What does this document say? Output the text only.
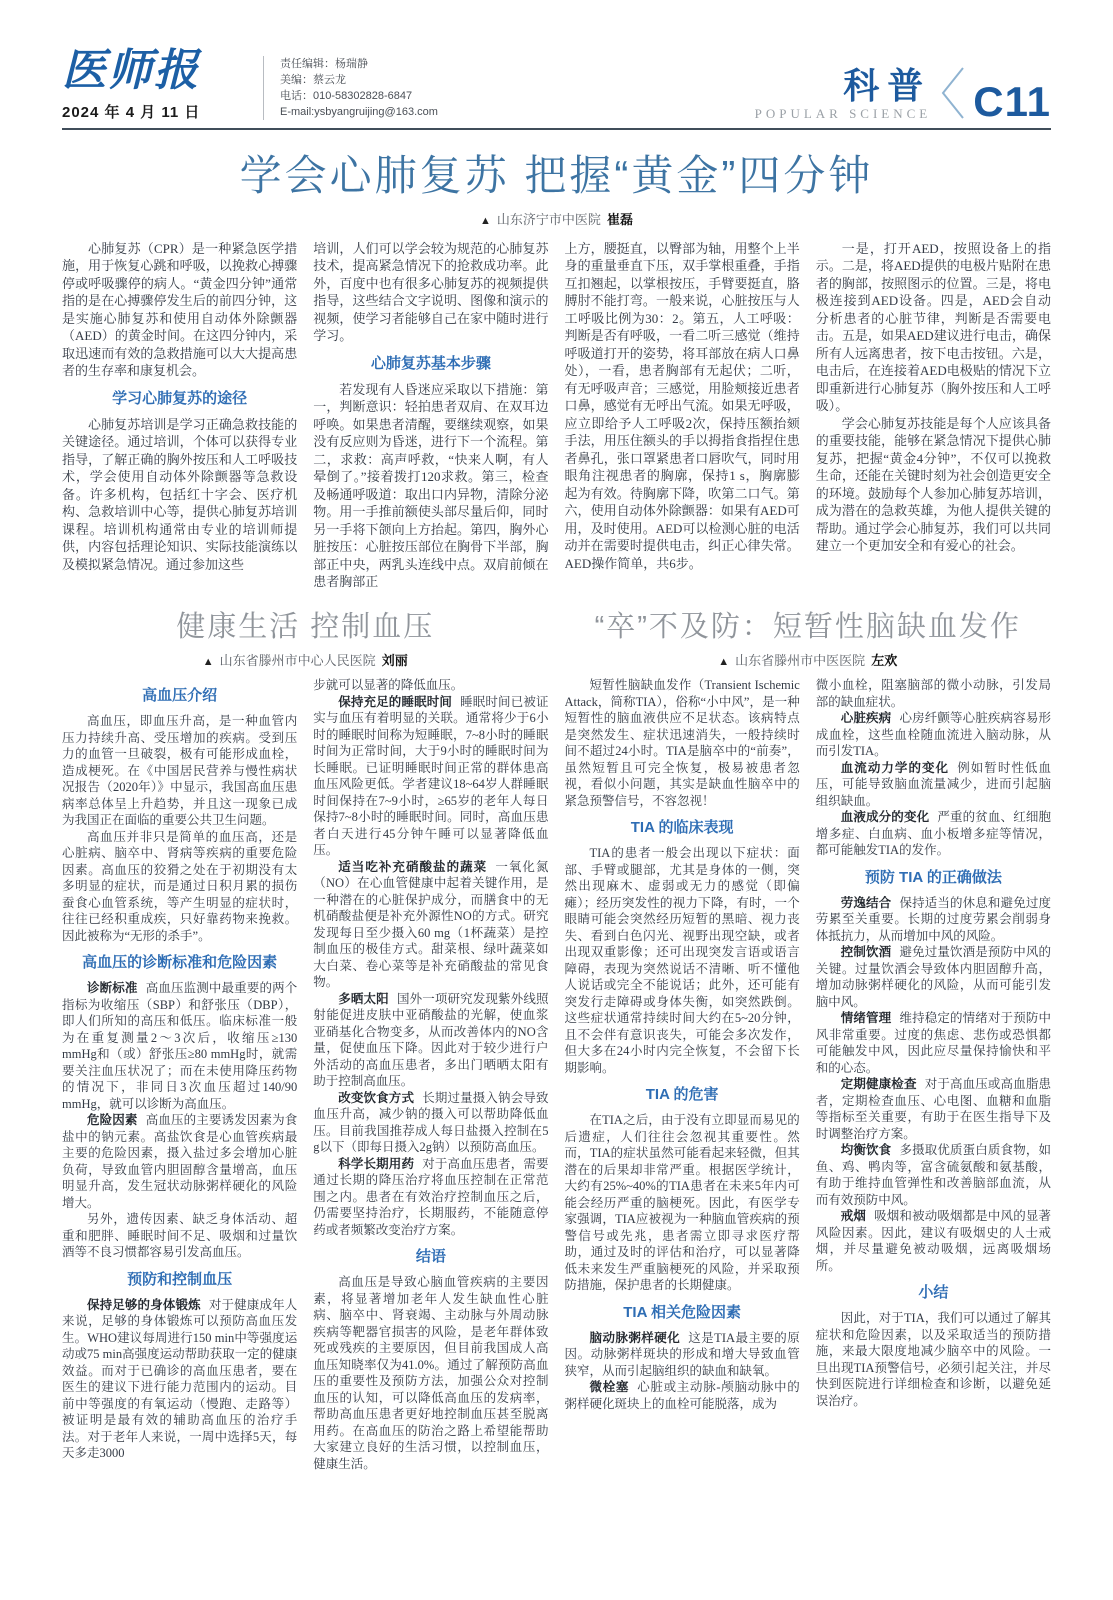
医师报
2024 年 4 月 11 日
责任编辑：杨瑞静
美编：蔡云龙
电话：010-58302828-6847
E-mail:ysbyangruijing@163.com
科普
POPULAR SCIENCE C11
学会心肺复苏 把握“黄金”四分钟
▲ 山东济宁市中医院 崔磊

心肺复苏（CPR）是一种紧急医学措施，用于恢复心跳和呼吸，以挽救心搏骤停或呼吸骤停的病人。“黄金四分钟”通常指的是在心搏骤停发生后的前四分钟，这是实施心肺复苏和使用自动体外除颤器（AED）的黄金时间。在这四分钟内，采取迅速而有效的急救措施可以大大提高患者的生存率和康复机会。

学习心肺复苏的途径

心肺复苏培训是学习正确急救技能的关键途径。通过培训，个体可以获得专业指导，了解正确的胸外按压和人工呼吸技术，学会使用自动体外除颤器等急救设备。许多机构，包括红十字会、医疗机构、急救培训中心等，提供心肺复苏培训课程。培训机构通常由专业的培训师提供，内容包括理论知识、实际技能演练以及模拟紧急情况。通过参加这些

培训，人们可以学会较为规范的心肺复苏技术，提高紧急情况下的抢救成功率。此外，百度中也有很多心肺复苏的视频提供指导，这些结合文字说明、图像和演示的视频，使学习者能够自己在家中随时进行学习。

心肺复苏基本步骤

若发现有人昏迷应采取以下措施：第一，判断意识：轻拍患者双肩、在双耳边呼唤。如果患者清醒，要继续观察，如果没有反应则为昏迷，进行下一个流程。第二，求救：高声呼救，“快来人啊，有人晕倒了。”接着拨打120求救。第三，检查及畅通呼吸道：取出口内异物，清除分泌物。用一手推前额使头部尽量后仰，同时另一手将下颌向上方抬起。第四，胸外心脏按压：心脏按压部位在胸骨下半部，胸部正中央，两乳头连线中点。双肩前倾在患者胸部正

上方，腰挺直，以臀部为轴，用整个上半身的重量垂直下压，双手掌根重叠，手指互扣翘起，以掌根按压，手臂要挺直，胳膊肘不能打弯。一般来说，心脏按压与人工呼吸比例为30：2。第五，人工呼吸：判断是否有呼吸，一看二听三感觉（维持呼吸道打开的姿势，将耳部放在病人口鼻处），一看，患者胸部有无起伏；二听，有无呼吸声音；三感觉，用脸颊接近患者口鼻，感觉有无呼出气流。如果无呼吸，应立即给予人工呼吸2次，保持压额抬颏手法，用压住额头的手以拇指食指捏住患者鼻孔，张口罩紧患者口唇吹气，同时用眼角注视患者的胸廓，保持1 s，胸廓膨起为有效。待胸廓下降，吹第二口气。第六，使用自动体外除颤器：如果有AED可用，及时使用。AED可以检测心脏的电活动并在需要时提供电击，纠正心律失常。AED操作简单，共6步。

一是，打开AED，按照设备上的指示。二是，将AED提供的电极片贴附在患者的胸部，按照图示的位置。三是，将电极连接到AED设备。四是，AED会自动分析患者的心脏节律，判断是否需要电击。五是，如果AED建议进行电击，确保所有人远离患者，按下电击按钮。六是，电击后，在连接着AED电极贴的情况下立即重新进行心肺复苏（胸外按压和人工呼吸）。

学会心肺复苏技能是每个人应该具备的重要技能，能够在紧急情况下提供心肺复苏，把握“黄金4分钟”，不仅可以挽救生命，还能在关键时刻为社会创造更安全的环境。鼓励每个人参加心肺复苏培训，成为潜在的急救英雄，为他人提供关键的帮助。通过学会心肺复苏，我们可以共同建立一个更加安全和有爱心的社会。

健康生活 控制血压
▲ 山东省滕州市中心人民医院 刘丽
高血压介绍

高血压，即血压升高，是一种血管内压力持续升高、受压增加的疾病。受到压力的血管一旦破裂，极有可能形成血栓，造成梗死。在《中国居民营养与慢性病状况报告（2020年）》中显示，我国高血压患病率总体呈上升趋势，并且这一现象已成为我国正在面临的重要公共卫生问题。

高血压并非只是简单的血压高，还是心脏病、脑卒中、肾病等疾病的重要危险因素。高血压的狡猾之处在于初期没有太多明显的症状，而是通过日积月累的损伤蚕食心血管系统，等产生明显的症状时，往往已经积重成疾，只好靠药物来挽救。因此被称为“无形的杀手”。

高血压的诊断标准和危险因素

诊断标准 高血压监测中最重要的两个指标为收缩压（SBP）和舒张压（DBP），即人们所知的高压和低压。临床标准一般为在重复测量2～3次后，收缩压≥130 mmHg和（或）舒张压≥80 mmHg时，就需要关注血压状况了；而在未使用降压药物的情况下，非同日3次血压超过140/90 mmHg，就可以诊断为高血压。

危险因素 高血压的主要诱发因素为食盐中的钠元素。高盐饮食是心血管疾病最主要的危险因素，摄入盐过多会增加心脏负荷，导致血管内胆固醇含量增高，血压明显升高，发生冠状动脉粥样硬化的风险增大。

另外，遗传因素、缺乏身体活动、超重和肥胖、睡眠时间不足、吸烟和过量饮酒等不良习惯都容易引发高血压。

预防和控制血压

保持足够的身体锻炼 对于健康成年人来说，足够的身体锻炼可以预防高血压发生。WHO建议每周进行150 min中等强度运动或75 min高强度运动帮助获取一定的健康效益。而对于已确诊的高血压患者，要在医生的建议下进行能力范围内的运动。目前中等强度的有氧运动（慢跑、走路等）被证明是最有效的辅助高血压的治疗手法。对于老年人来说，一周中选择5天，每天多走3000

步就可以显著的降低血压。

保持充足的睡眠时间 睡眠时间已被证实与血压有着明显的关联。通常将少于6小时的睡眠时间称为短睡眠，7~8小时的睡眠时间为正常时间，大于9小时的睡眠时间为长睡眠。已证明睡眠时间正常的群体患高血压风险更低。学者建议18~64岁人群睡眠时间保持在7~9小时，≥65岁的老年人每日保持7~8小时的睡眠时间。同时，高血压患者白天进行45分钟午睡可以显著降低血压。

适当吃补充硝酸盐的蔬菜 一氧化氮（NO）在心血管健康中起着关键作用，是一种潜在的心脏保护成分，而膳食中的无机硝酸盐便是补充外源性NO的方式。研究发现每日至少摄入60 mg（1杯蔬菜）是控制血压的极佳方式。甜菜根、绿叶蔬菜如大白菜、卷心菜等是补充硝酸盐的常见食物。

多晒太阳 国外一项研究发现紫外线照射能促进皮肤中亚硝酸盐的光解，使血浆亚硝基化合物变多，从而改善体内的NO含量，促使血压下降。因此对于较少进行户外活动的高血压患者，多出门晒晒太阳有助于控制高血压。

改变饮食方式 长期过量摄入钠会导致血压升高，减少钠的摄入可以帮助降低血压。目前我国推荐成人每日盐摄入控制在5 g以下（即每日摄入2g钠）以预防高血压。

科学长期用药 对于高血压患者，需要通过长期的降压治疗将血压控制在正常范围之内。患者在有效治疗控制血压之后，仍需要坚持治疗，长期服药，不能随意停药或者频繁改变治疗方案。

结语

高血压是导致心脑血管疾病的主要因素，将显著增加老年人发生缺血性心脏病、脑卒中、肾衰竭、主动脉与外周动脉疾病等靶器官损害的风险，是老年群体致死或残疾的主要原因，但目前我国成人高血压知晓率仅为41.0%。通过了解预防高血压的重要性及预防方法，加强公众对控制血压的认知，可以降低高血压的发病率，帮助高血压患者更好地控制血压甚至脱离用药。在高血压的防治之路上希望能帮助大家建立良好的生活习惯，以控制血压，健康生活。

“卒”不及防：短暂性脑缺血发作
▲ 山东省滕州市中医医院 左欢

短暂性脑缺血发作（Transient Ischemic Attack，简称TIA），俗称“小中风”，是一种短暂性的脑血液供应不足状态。该病特点是突然发生、症状迅速消失，一般持续时间不超过24小时。TIA是脑卒中的“前奏”，虽然短暂且可完全恢复，极易被患者忽视，看似小问题，其实是缺血性脑卒中的紧急预警信号，不容忽视！

TIA 的临床表现

TIA的患者一般会出现以下症状：面部、手臂或腿部，尤其是身体的一侧，突然出现麻木、虚弱或无力的感觉（即偏瘫）；经历突发性的视力下降，有时，一个眼睛可能会突然经历短暂的黑暗、视力丧失、看到白色闪光、视野出现空缺，或者出现双重影像；还可出现突发言语或语言障碍，表现为突然说话不清晰、听不懂他人说话或完全不能说话；此外，还可能有突发行走障碍或身体失衡，如突然跌倒。这些症状通常持续时间大约在5~20分钟，且不会伴有意识丧失，可能会多次发作，但大多在24小时内完全恢复，不会留下长期影响。

TIA 的危害

在TIA之后，由于没有立即显而易见的后遗症，人们往往会忽视其重要性。然而，TIA的症状虽然可能看起来轻微，但其潜在的后果却非常严重。根据医学统计，大约有25%~40%的TIA患者在未来5年内可能会经历严重的脑梗死。因此，有医学专家强调，TIA应被视为一种脑血管疾病的预警信号或先兆，患者需立即寻求医疗帮助，通过及时的评估和治疗，可以显著降低未来发生严重脑梗死的风险，并采取预防措施，保护患者的长期健康。

TIA 相关危险因素

脑动脉粥样硬化 这是TIA最主要的原因。动脉粥样斑块的形成和增大导致血管狭窄，从而引起脑组织的缺血和缺氧。

微栓塞 心脏或主动脉-颅脑动脉中的粥样硬化斑块上的血栓可能脱落，成为

微小血栓，阻塞脑部的微小动脉，引发局部的缺血症状。

心脏疾病 心房纤颤等心脏疾病容易形成血栓，这些血栓随血流进入脑动脉，从而引发TIA。

血流动力学的变化 例如暂时性低血压，可能导致脑血流量减少，进而引起脑组织缺血。

血液成分的变化 严重的贫血、红细胞增多症、白血病、血小板增多症等情况，都可能触发TIA的发作。

预防 TIA 的正确做法

劳逸结合 保持适当的休息和避免过度劳累至关重要。长期的过度劳累会削弱身体抵抗力，从而增加中风的风险。

控制饮酒 避免过量饮酒是预防中风的关键。过量饮酒会导致体内胆固醇升高，增加动脉粥样硬化的风险，从而可能引发脑中风。

情绪管理 维持稳定的情绪对于预防中风非常重要。过度的焦虑、悲伤或恐惧都可能触发中风，因此应尽量保持愉快和平和的心态。

定期健康检查 对于高血压或高血脂患者，定期检查血压、心电图、血糖和血脂等指标至关重要，有助于在医生指导下及时调整治疗方案。

均衡饮食 多摄取优质蛋白质食物，如鱼、鸡、鸭肉等，富含硫氨酸和氨基酸，有助于维持血管弹性和改善脑部血流，从而有效预防中风。

戒烟 吸烟和被动吸烟都是中风的显著风险因素。因此，建议有吸烟史的人士戒烟，并尽量避免被动吸烟，远离吸烟场所。

小结

因此，对于TIA，我们可以通过了解其症状和危险因素，以及采取适当的预防措施，来最大限度地减少脑卒中的风险。一旦出现TIA预警信号，必须引起关注，并尽快到医院进行详细检查和诊断，以避免延误治疗。
